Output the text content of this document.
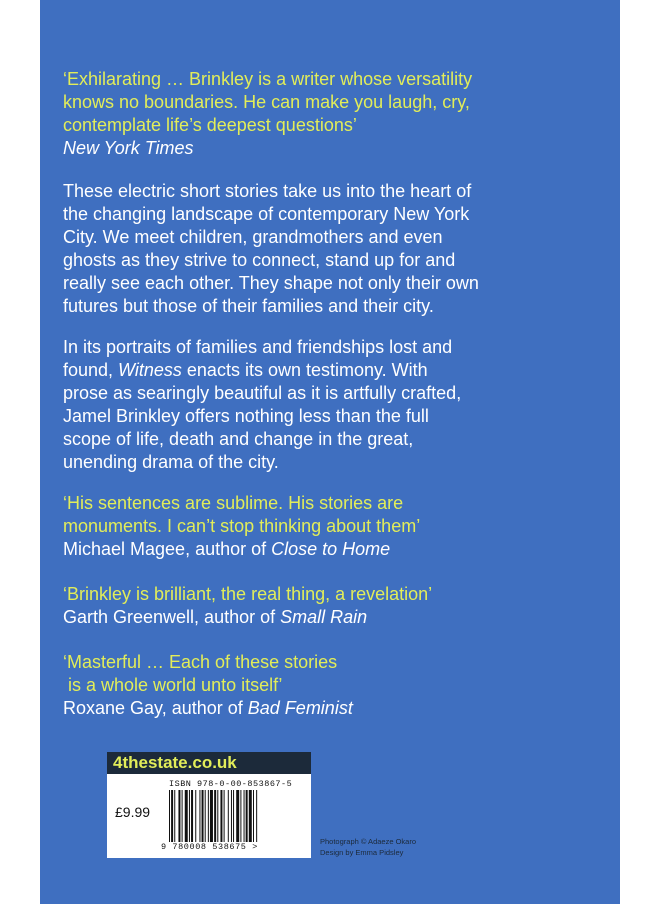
‘Exhilarating … Brinkley is a writer whose versatility
knows no boundaries. He can make you laugh, cry,
contemplate life’s deepest questions’
New York Times

These electric short stories take us into the heart of
the changing landscape of contemporary New York
City. We meet children, grandmothers and even
ghosts as they strive to connect, stand up for and
really see each other. They shape not only their own
futures but those of their families and their city.

In its portraits of families and friendships lost and
found, Witness enacts its own testimony. With
prose as searingly beautiful as it is artfully crafted,
Jamel Brinkley offers nothing less than the full
scope of life, death and change in the great,
unending drama of the city.

‘His sentences are sublime. His stories are
monuments. I can’t stop thinking about them’
Michael Magee, author of Close to Home
‘Brinkley is brilliant, the real thing, a revelation’
Garth Greenwell, author of Small Rain
‘Masterful … Each of these stories
is a whole world unto itself’
Roxane Gay, author of Bad Feminist
4thestate.co.uk
ISBN 978-0-00-853867-5
£9.99
9 780008 538675 >
Photograph © Adaeze Okaro
Design by Emma Pidsley
